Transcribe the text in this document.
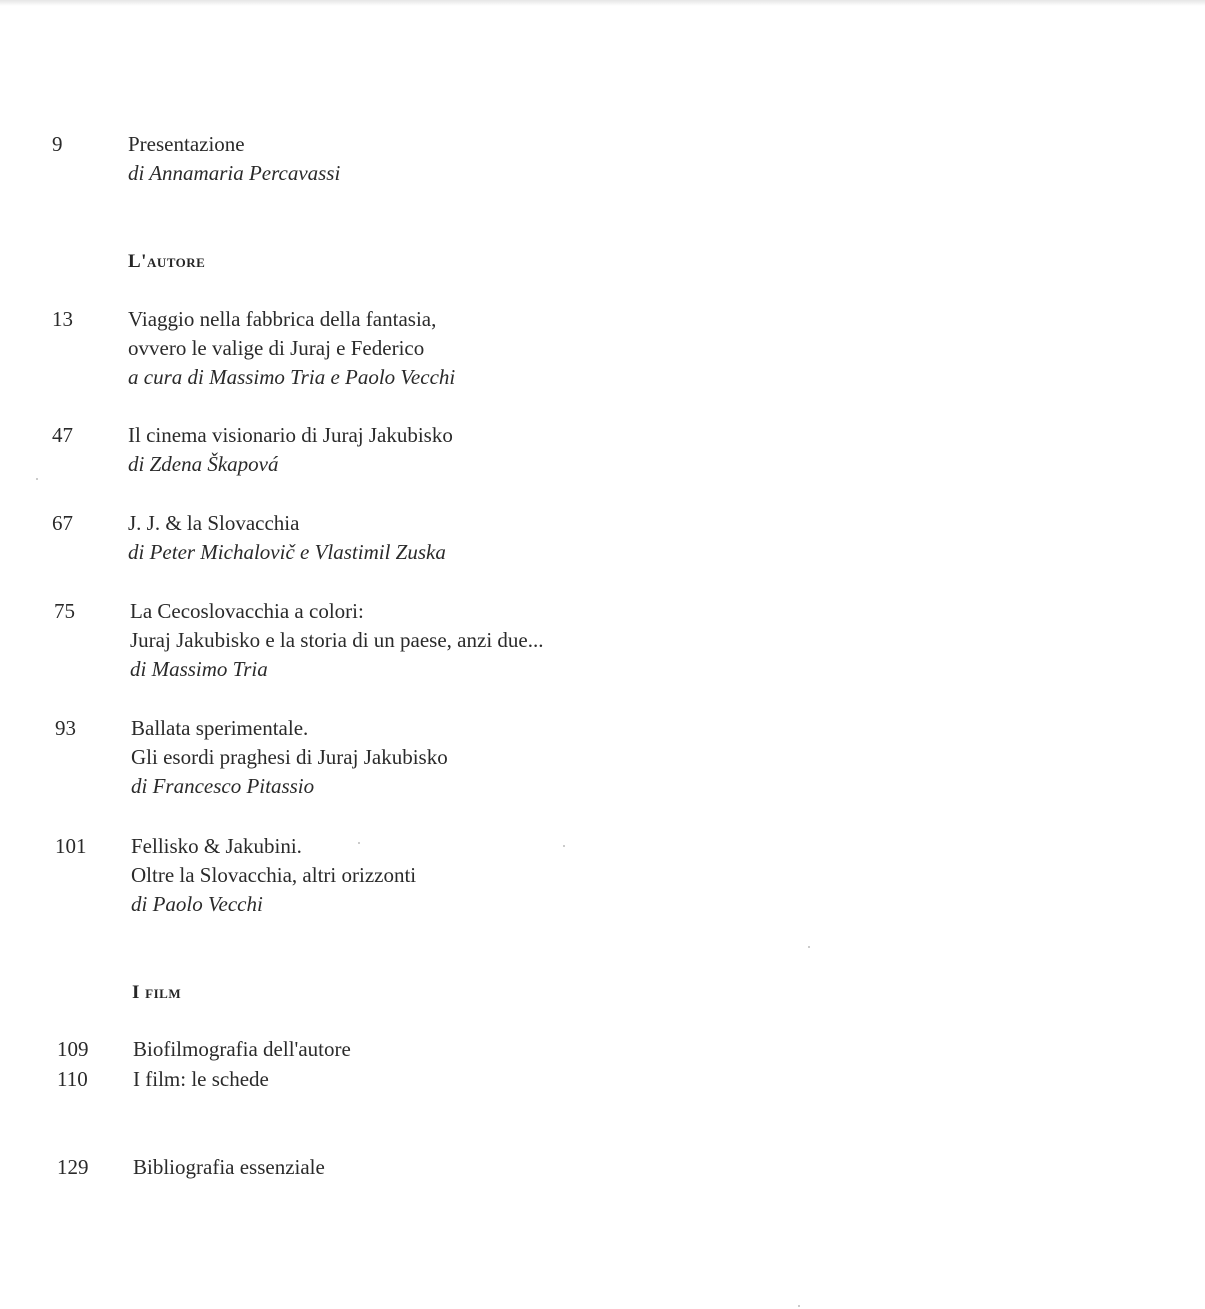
9	Presentazione
di Annamaria Percavassi
L'autore
13	Viaggio nella fabbrica della fantasia,
ovvero le valige di Juraj e Federico
a cura di Massimo Tria e Paolo Vecchi
47	Il cinema visionario di Juraj Jakubisko
di Zdena Škapová
67	J. J. & la Slovacchia
di Peter Michalovič e Vlastimil Zuska
75	La Cecoslovacchia a colori:
Juraj Jakubisko e la storia di un paese, anzi due...
di Massimo Tria
93	Ballata sperimentale.
Gli esordi praghesi di Juraj Jakubisko
di Francesco Pitassio
101	Fellisko & Jakubini.
Oltre la Slovacchia, altri orizzonti
di Paolo Vecchi
I film
109	Biofilmografia dell'autore
110	I film: le schede
129	Bibliografia essenziale
